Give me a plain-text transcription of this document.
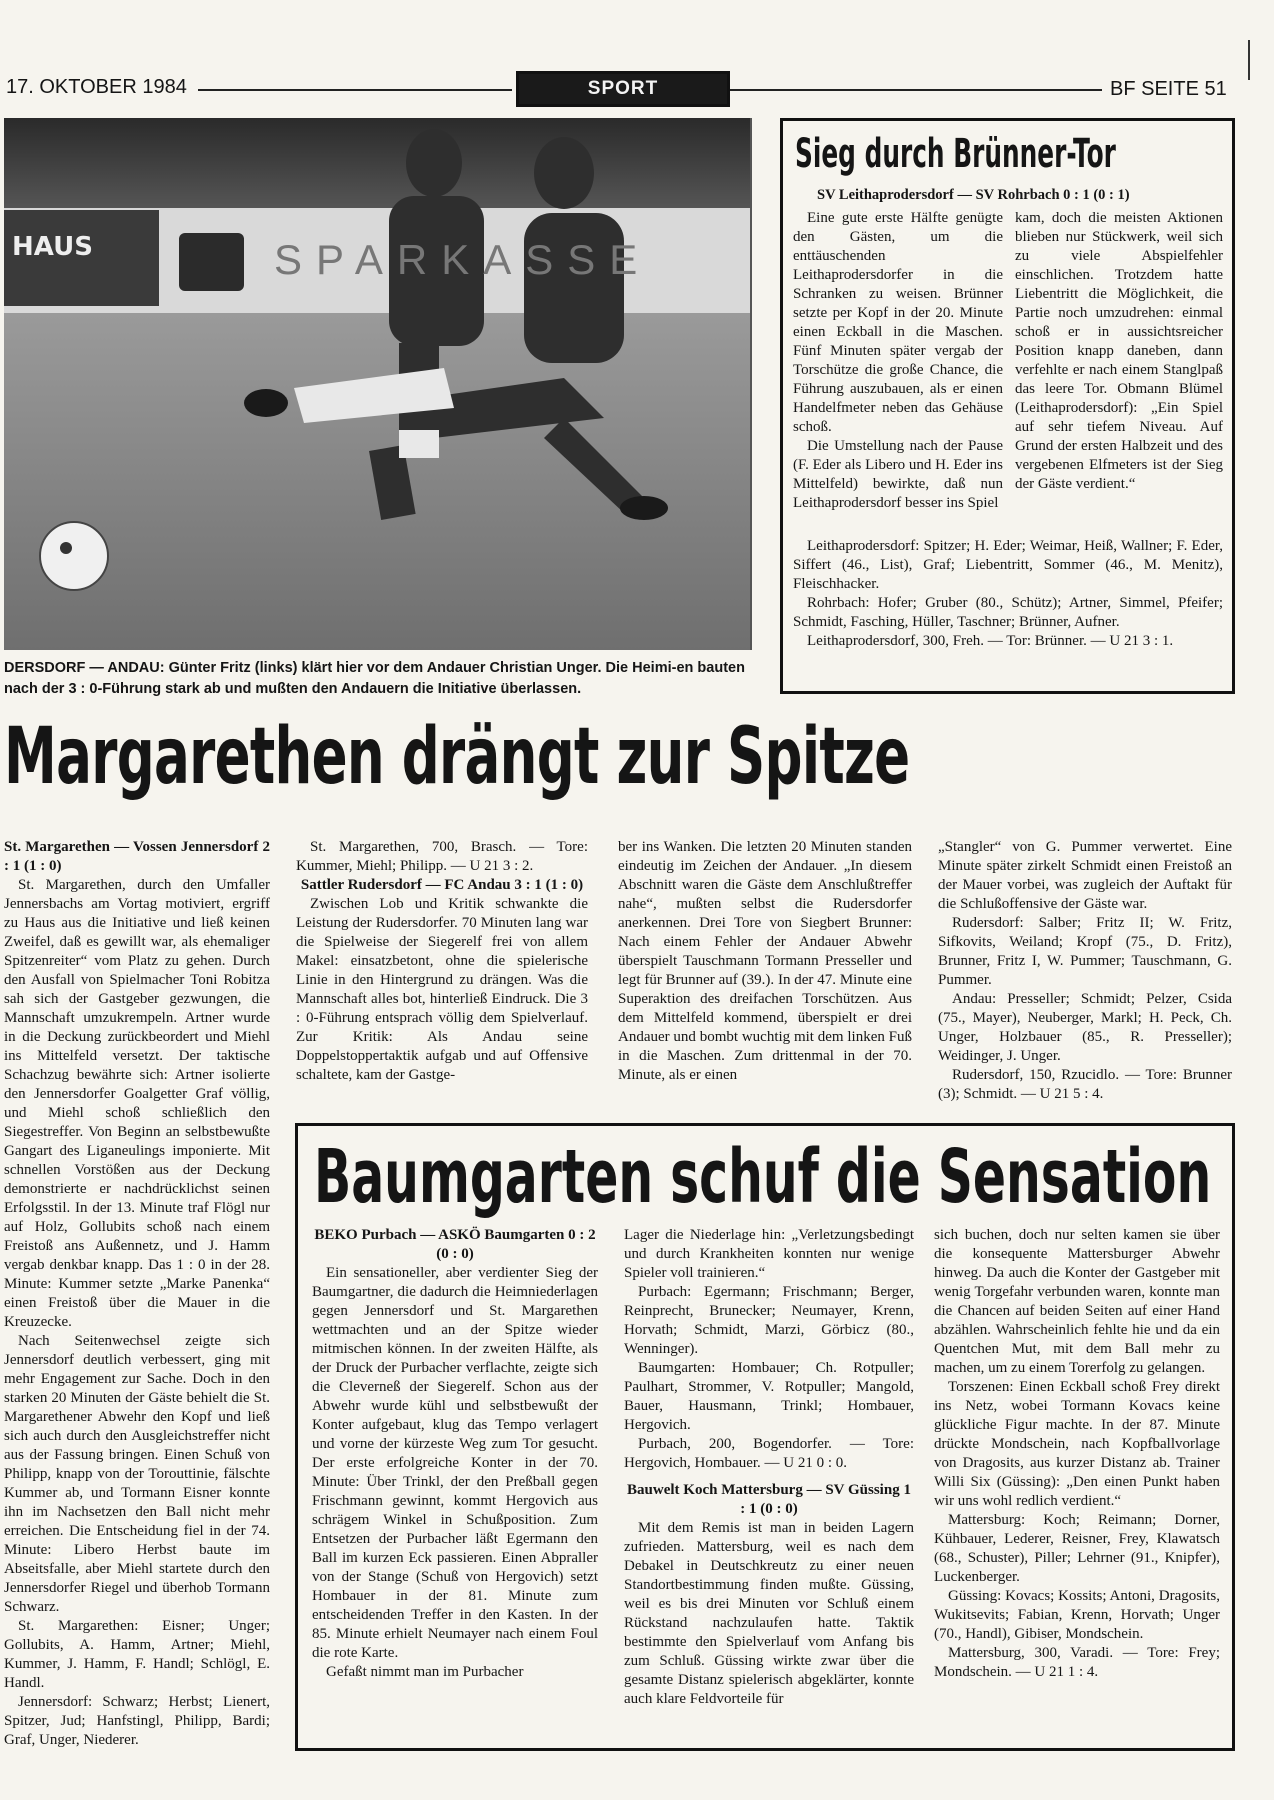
17. OKTOBER 1984	SPORT	BF SEITE 51
HAUS	SPARKASSE
DERSDORF — ANDAU: Günter Fritz (links) klärt hier vor dem Andauer Christian Unger. Die Heimi-en bauten nach der 3 : 0-Führung stark ab und mußten den Andauern die Initiative überlassen.
Sieg durch Brünner-Tor
SV Leithaprodersdorf — SV Rohrbach 0 : 1 (0 : 1)

Eine gute erste Hälfte genügte den Gästen, um die enttäuschenden Leithaprodersdorfer in die Schranken zu weisen. Brünner setzte per Kopf in der 20. Minute einen Eckball in die Maschen. Fünf Minuten später vergab der Torschütze die große Chance, die Führung auszubauen, als er einen Handelfmeter neben das Gehäuse schoß.

Die Umstellung nach der Pause (F. Eder als Libero und H. Eder ins Mittelfeld) bewirkte, daß nun Leithaprodersdorf besser ins Spiel

kam, doch die meisten Aktionen blieben nur Stückwerk, weil sich zu viele Abspielfehler einschlichen. Trotzdem hatte Liebentritt die Möglichkeit, die Partie noch umzudrehen: einmal schoß er in aussichtsreicher Position knapp daneben, dann verfehlte er nach einem Stanglpaß das leere Tor. Obmann Blümel (Leithaprodersdorf): „Ein Spiel auf sehr tiefem Niveau. Auf Grund der ersten Halbzeit und des vergebenen Elfmeters ist der Sieg der Gäste verdient.“

Leithaprodersdorf: Spitzer; H. Eder; Weimar, Heiß, Wallner; F. Eder, Siffert (46., List), Graf; Liebentritt, Sommer (46., M. Menitz), Fleischhacker.

Rohrbach: Hofer; Gruber (80., Schütz); Artner, Simmel, Pfeifer; Schmidt, Fasching, Hüller, Taschner; Brünner, Aufner.

Leithaprodersdorf, 300, Freh. — Tor: Brünner. — U 21 3 : 1.

Margarethen drängt zur Spitze

St. Margarethen — Vossen Jennersdorf 2 : 1 (1 : 0)

St. Margarethen, durch den Umfaller Jennersbachs am Vortag motiviert, ergriff zu Haus aus die Initiative und ließ keinen Zweifel, daß es gewillt war, als ehemaliger Spitzenreiter“ vom Platz zu gehen. Durch den Ausfall von Spielmacher Toni Robitza sah sich der Gastgeber gezwungen, die Mannschaft umzukrempeln. Artner wurde in die Deckung zurückbeordert und Miehl ins Mittelfeld versetzt. Der taktische Schachzug bewährte sich: Artner isolierte den Jennersdorfer Goalgetter Graf völlig, und Miehl schoß schließlich den Siegestreffer. Von Beginn an selbstbewußte Gangart des Liganeulings imponierte. Mit schnellen Vorstößen aus der Deckung demonstrierte er nachdrücklichst seinen Erfolgsstil. In der 13. Minute traf Flögl nur auf Holz, Gollubits schoß nach einem Freistoß ans Außennetz, und J. Hamm vergab denkbar knapp. Das 1 : 0 in der 28. Minute: Kummer setzte „Marke Panenka“ einen Freistoß über die Mauer in die Kreuzecke.

Nach Seitenwechsel zeigte sich Jennersdorf deutlich verbessert, ging mit mehr Engagement zur Sache. Doch in den starken 20 Minuten der Gäste behielt die St. Margarethener Abwehr den Kopf und ließ sich auch durch den Ausgleichstreffer nicht aus der Fassung bringen. Einen Schuß von Philipp, knapp von der Torouttinie, fälschte Kummer ab, und Tormann Eisner konnte ihn im Nachsetzen den Ball nicht mehr erreichen. Die Entscheidung fiel in der 74. Minute: Libero Herbst baute im Abseitsfalle, aber Miehl startete durch den Jennersdorfer Riegel und überhob Tormann Schwarz.

St. Margarethen: Eisner; Unger; Gollubits, A. Hamm, Artner; Miehl, Kummer, J. Hamm, F. Handl; Schlögl, E. Handl.

Jennersdorf: Schwarz; Herbst; Lienert, Spitzer, Jud; Hanfstingl, Philipp, Bardi; Graf, Unger, Niederer.

St. Margarethen, 700, Brasch. — Tore: Kummer, Miehl; Philipp. — U 21 3 : 2.

Sattler Rudersdorf — FC Andau 3 : 1 (1 : 0)

Zwischen Lob und Kritik schwankte die Leistung der Rudersdorfer. 70 Minuten lang war die Spielweise der Siegerelf frei von allem Makel: einsatzbetont, ohne die spielerische Linie in den Hintergrund zu drängen. Was die Mannschaft alles bot, hinterließ Eindruck. Die 3 : 0-Führung entsprach völlig dem Spielverlauf. Zur Kritik: Als Andau seine Doppelstoppertaktik aufgab und auf Offensive schaltete, kam der Gastge-

ber ins Wanken. Die letzten 20 Minuten standen eindeutig im Zeichen der Andauer. „In diesem Abschnitt waren die Gäste dem Anschlußtreffer nahe“, mußten selbst die Rudersdorfer anerkennen. Drei Tore von Siegbert Brunner: Nach einem Fehler der Andauer Abwehr überspielt Tauschmann Tormann Presseller und legt für Brunner auf (39.). In der 47. Minute eine Superaktion des dreifachen Torschützen. Aus dem Mittelfeld kommend, überspielt er drei Andauer und bombt wuchtig mit dem linken Fuß in die Maschen. Zum drittenmal in der 70. Minute, als er einen

„Stangler“ von G. Pummer verwertet. Eine Minute später zirkelt Schmidt einen Freistoß an der Mauer vorbei, was zugleich der Auftakt für die Schlußoffensive der Gäste war.

Rudersdorf: Salber; Fritz II; W. Fritz, Sifkovits, Weiland; Kropf (75., D. Fritz), Brunner, Fritz I, W. Pummer; Tauschmann, G. Pummer.

Andau: Presseller; Schmidt; Pelzer, Csida (75., Mayer), Neuberger, Markl; H. Peck, Ch. Unger, Holzbauer (85., R. Presseller); Weidinger, J. Unger.

Rudersdorf, 150, Rzucidlo. — Tore: Brunner (3); Schmidt. — U 21 5 : 4.

Baumgarten schuf die Sensation

BEKO Purbach — ASKÖ Baumgarten 0 : 2 (0 : 0)

Ein sensationeller, aber verdienter Sieg der Baumgartner, die dadurch die Heimniederlagen gegen Jennersdorf und St. Margarethen wettmachten und an der Spitze wieder mitmischen können. In der zweiten Hälfte, als der Druck der Purbacher verflachte, zeigte sich die Cleverneß der Siegerelf. Schon aus der Abwehr wurde kühl und selbstbewußt der Konter aufgebaut, klug das Tempo verlagert und vorne der kürzeste Weg zum Tor gesucht. Der erste erfolgreiche Konter in der 70. Minute: Über Trinkl, der den Preßball gegen Frischmann gewinnt, kommt Hergovich aus schrägem Winkel in Schußposition. Zum Entsetzen der Purbacher läßt Egermann den Ball im kurzen Eck passieren. Einen Abpraller von der Stange (Schuß von Hergovich) setzt Hombauer in der 81. Minute zum entscheidenden Treffer in den Kasten. In der 85. Minute erhielt Neumayer nach einem Foul die rote Karte.

Gefaßt nimmt man im Purbacher

Lager die Niederlage hin: „Verletzungsbedingt und durch Krankheiten konnten nur wenige Spieler voll trainieren.“

Purbach: Egermann; Frischmann; Berger, Reinprecht, Brunecker; Neumayer, Krenn, Horvath; Schmidt, Marzi, Görbicz (80., Wenninger).

Baumgarten: Hombauer; Ch. Rotpuller; Paulhart, Strommer, V. Rotpuller; Mangold, Bauer, Hausmann, Trinkl; Hombauer, Hergovich.

Purbach, 200, Bogendorfer. — Tore: Hergovich, Hombauer. — U 21 0 : 0.

Bauwelt Koch Mattersburg — SV Güssing 1 : 1 (0 : 0)

Mit dem Remis ist man in beiden Lagern zufrieden. Mattersburg, weil es nach dem Debakel in Deutschkreutz zu einer neuen Standortbestimmung finden mußte. Güssing, weil es bis drei Minuten vor Schluß einem Rückstand nachzulaufen hatte. Taktik bestimmte den Spielverlauf vom Anfang bis zum Schluß. Güssing wirkte zwar über die gesamte Distanz spielerisch abgeklärter, konnte auch klare Feldvorteile für

sich buchen, doch nur selten kamen sie über die konsequente Mattersburger Abwehr hinweg. Da auch die Konter der Gastgeber mit wenig Torgefahr verbunden waren, konnte man die Chancen auf beiden Seiten auf einer Hand abzählen. Wahrscheinlich fehlte hie und da ein Quentchen Mut, mit dem Ball mehr zu machen, um zu einem Torerfolg zu gelangen.

Torszenen: Einen Eckball schoß Frey direkt ins Netz, wobei Tormann Kovacs keine glückliche Figur machte. In der 87. Minute drückte Mondschein, nach Kopfballvorlage von Dragosits, aus kurzer Distanz ab. Trainer Willi Six (Güssing): „Den einen Punkt haben wir uns wohl redlich verdient.“

Mattersburg: Koch; Reimann; Dorner, Kühbauer, Lederer, Reisner, Frey, Klawatsch (68., Schuster), Piller; Lehrner (91., Knipfer), Luckenberger.

Güssing: Kovacs; Kossits; Antoni, Dragosits, Wukitsevits; Fabian, Krenn, Horvath; Unger (70., Handl), Gibiser, Mondschein.

Mattersburg, 300, Varadi. — Tore: Frey; Mondschein. — U 21 1 : 4.
